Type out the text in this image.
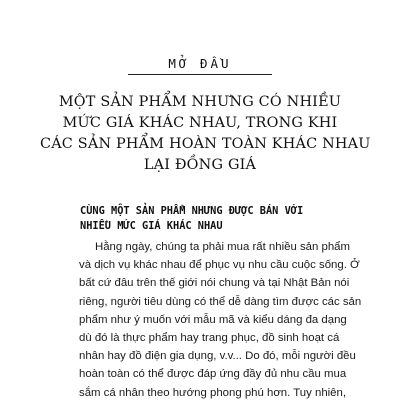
MỞ ĐẦU
MỘT SẢN PHẨM NHƯNG CÓ NHIỀU
MỨC GIÁ KHÁC NHAU, TRONG KHI
CÁC SẢN PHẨM HOÀN TOÀN KHÁC NHAU
LẠI ĐỒNG GIÁ
CÙNG MỘT SẢN PHẨM NHƯNG ĐƯỢC BÁN VỚI
NHIỀU MỨC GIÁ KHÁC NHAU
Hằng ngày, chúng ta phải mua rất nhiều sản phẩm
và dịch vụ khác nhau để phục vụ nhu cầu cuộc sống. Ở
bất cứ đâu trên thế giới nói chung và tại Nhật Bản nói
riêng, người tiêu dùng có thể dễ dàng tìm được các sản
phẩm như ý muốn với mẫu mã và kiểu dáng đa dạng
dù đó là thực phẩm hay trang phục, đồ sinh hoạt cá
nhân hay đồ điện gia dụng, v.v... Do đó, mỗi người đều
hoàn toàn có thể được đáp ứng đầy đủ nhu cầu mua
sắm cá nhân theo hướng phong phú hơn. Tuy nhiên,
